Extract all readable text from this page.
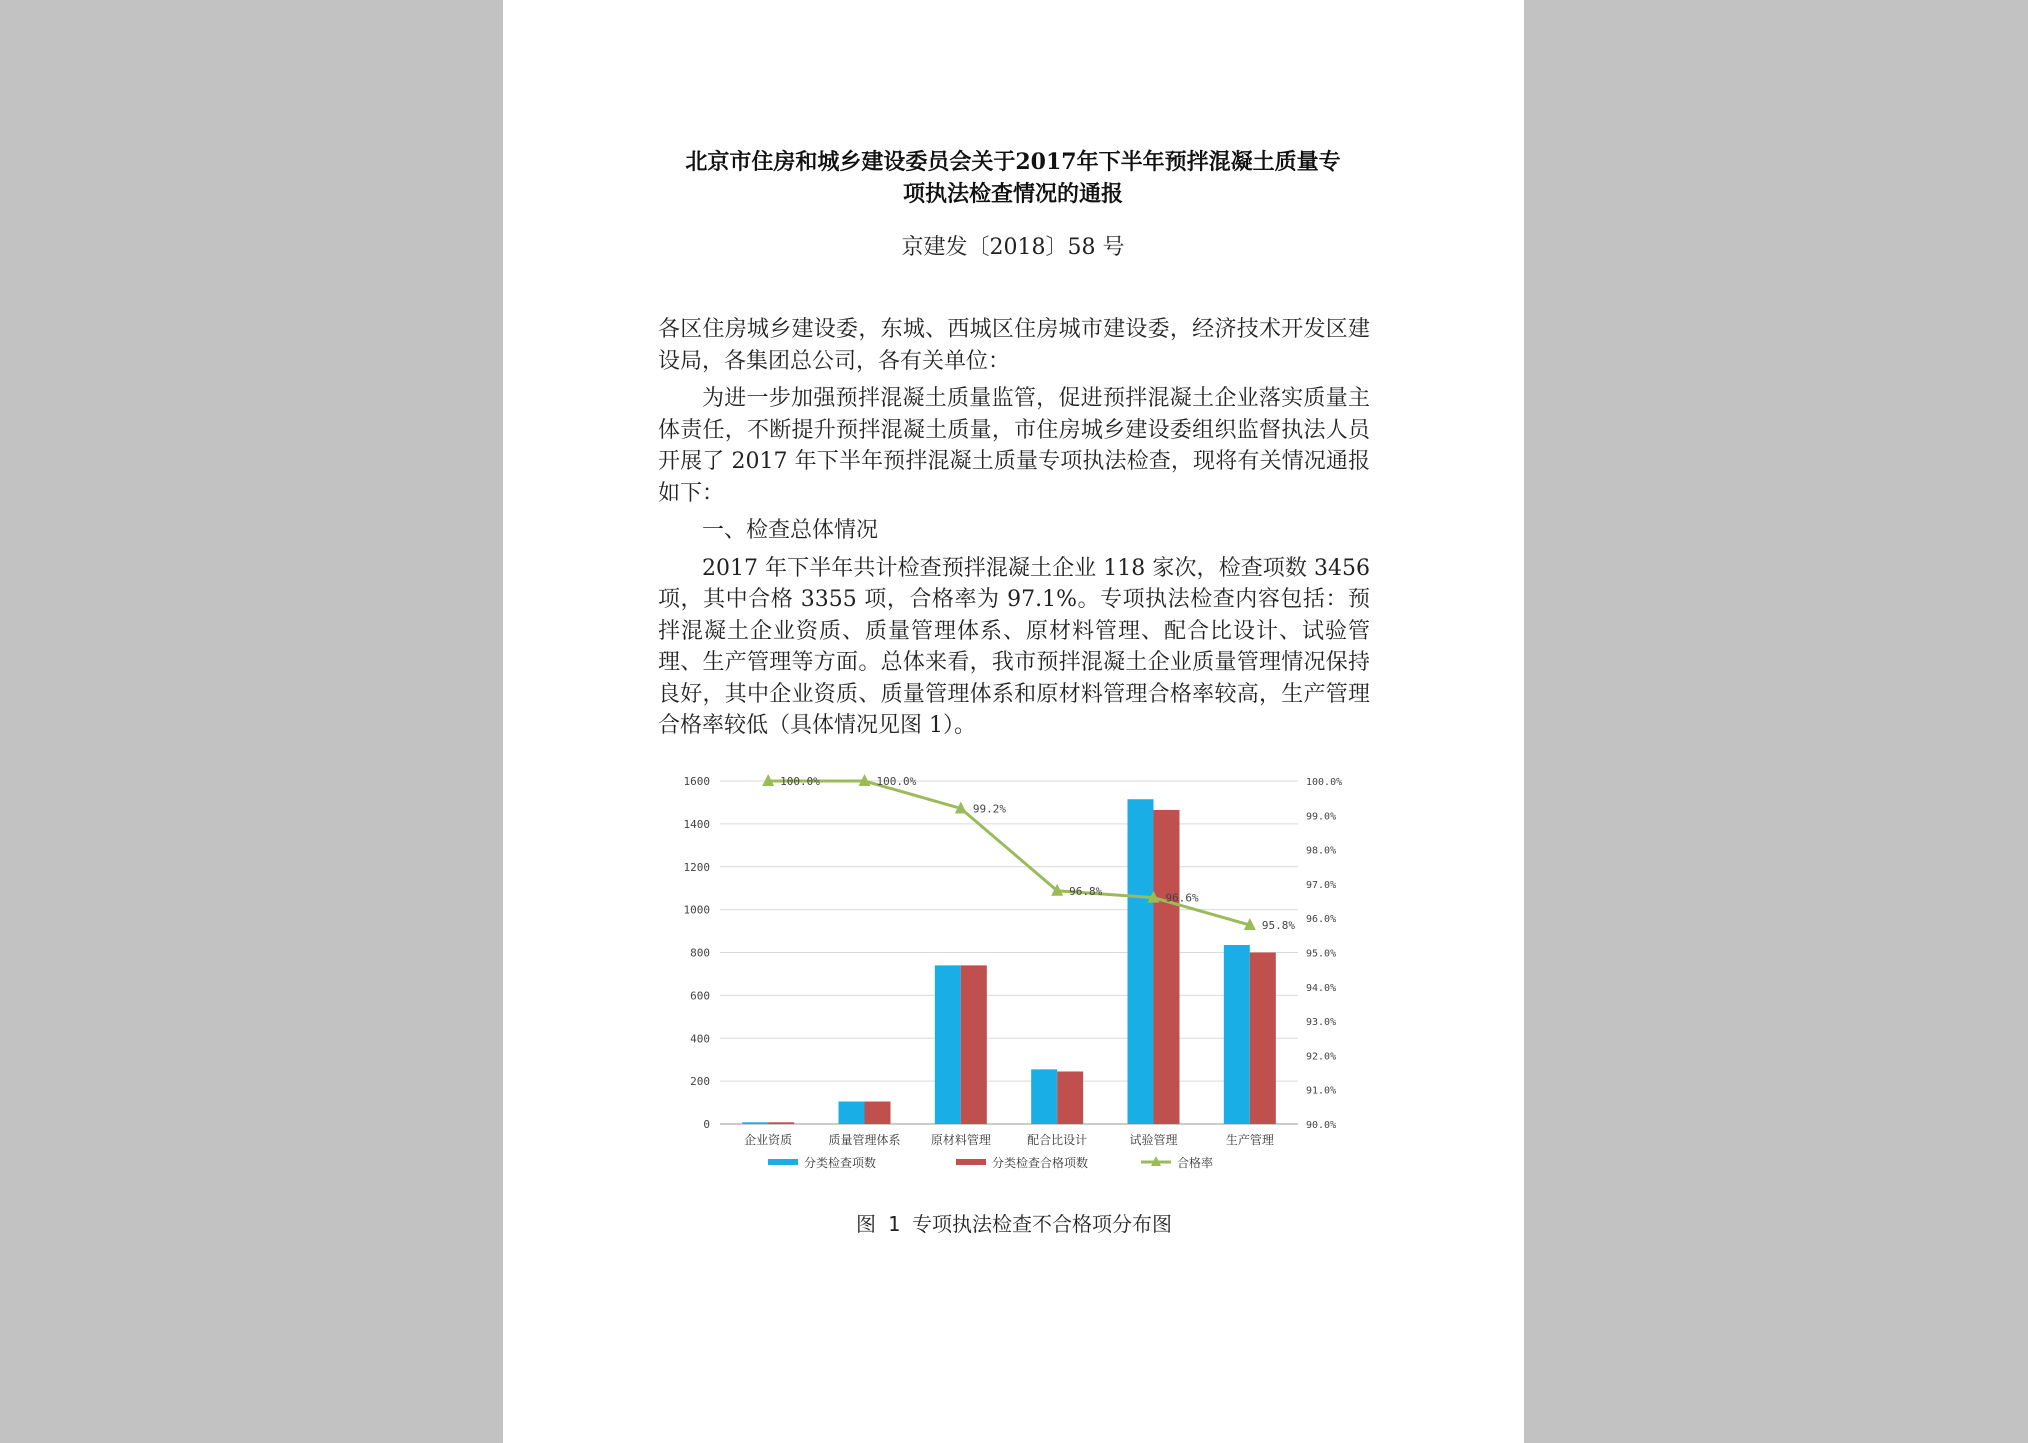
北京市住房和城乡建设委员会关于2017年下半年预拌混凝土质量专
项执法检查情况的通报
京建发〔2018〕58 号

各区住房城乡建设委，东城、西城区住房城市建设委，经济技术开发区建设局，各集团总公司，各有关单位：

为进一步加强预拌混凝土质量监管，促进预拌混凝土企业落实质量主体责任，不断提升预拌混凝土质量，市住房城乡建设委组织监督执法人员开展了 2017 年下半年预拌混凝土质量专项执法检查，现将有关情况通报如下：

一、检查总体情况

2017 年下半年共计检查预拌混凝土企业 118 家次，检查项数 3456 项，其中合格 3355 项，合格率为 97.1%。专项执法检查内容包括：预拌混凝土企业资质、质量管理体系、原材料管理、配合比设计、试验管理、生产管理等方面。总体来看，我市预拌混凝土企业质量管理情况保持良好，其中企业资质、质量管理体系和原材料管理合格率较高，生产管理合格率较低（具体情况见图 1）。

0
200
400
600
800
1000
1200
1400
1600
90.0%
91.0%
92.0%
93.0%
94.0%
95.0%
96.0%
97.0%
98.0%
99.0%
100.0%
企业资质	质量管理体系	原材料管理	配合比设计	试验管理	生产管理
100.0%	100.0%
99.2%
96.8%
96.6%
95.8%
分类检查项数	分类检查合格项数	合格率
图 1 专项执法检查不合格项分布图
